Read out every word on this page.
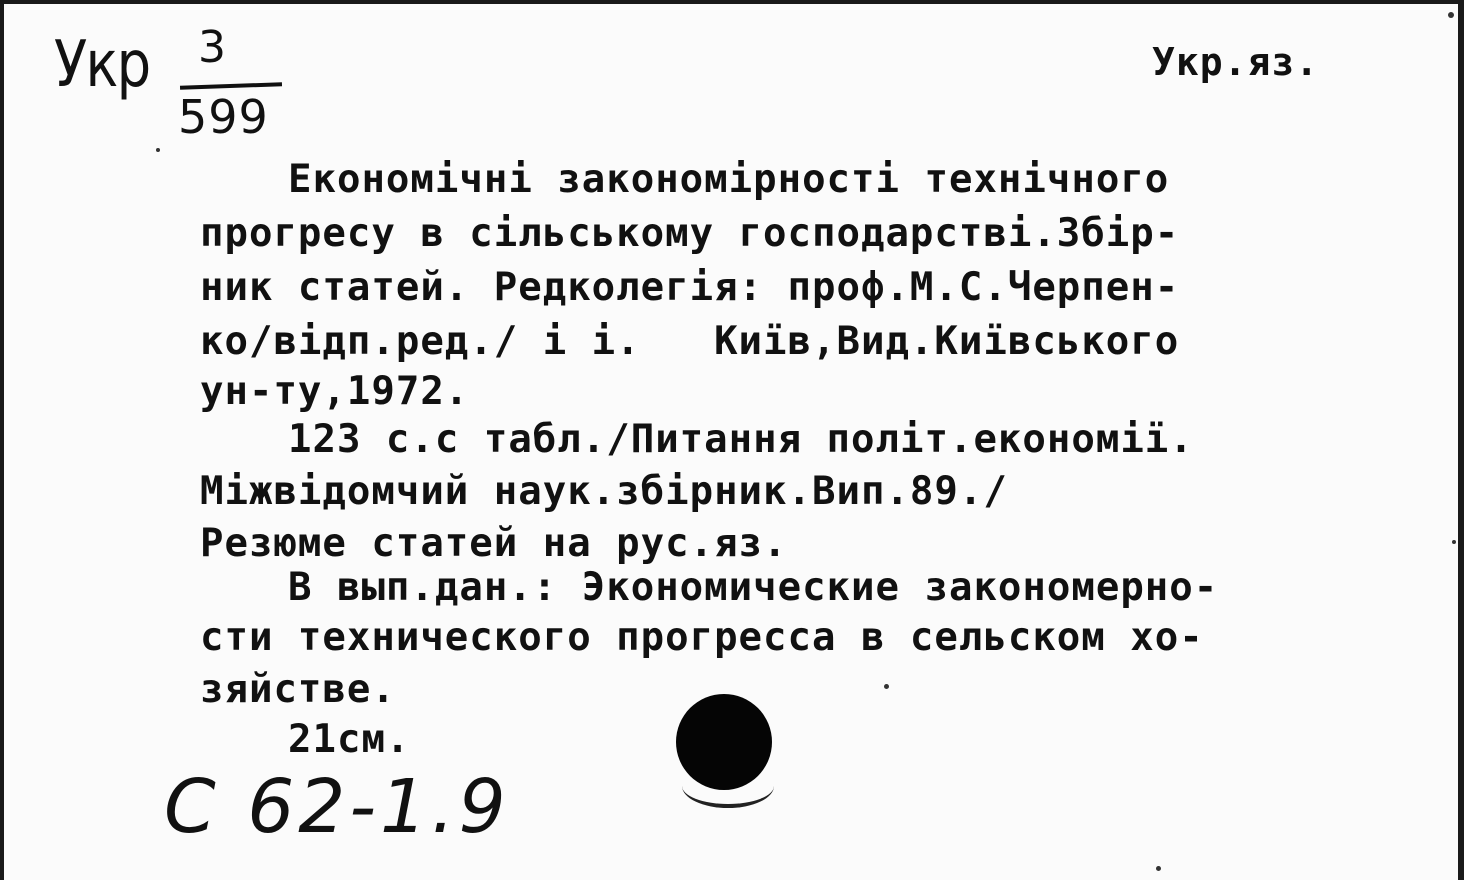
Укр 3
599
Укр.яз.

Економічні закономірності технічного

прогресу в сільському господарстві.Збір-

ник статей. Редколегія: проф.М.С.Черпен-

ко/відп.ред./ і і.   Київ,Вид.Київського

ун-ту,1972.

123 с.с табл./Питання політ.економії.

Міжвідомчий наук.збірник.Вип.89./

Резюме статей на рус.яз.

В вып.дан.: Экономические закономерно-

сти технического прогресса в сельском хо-

зяйстве.

21см.

С 62-1.9
